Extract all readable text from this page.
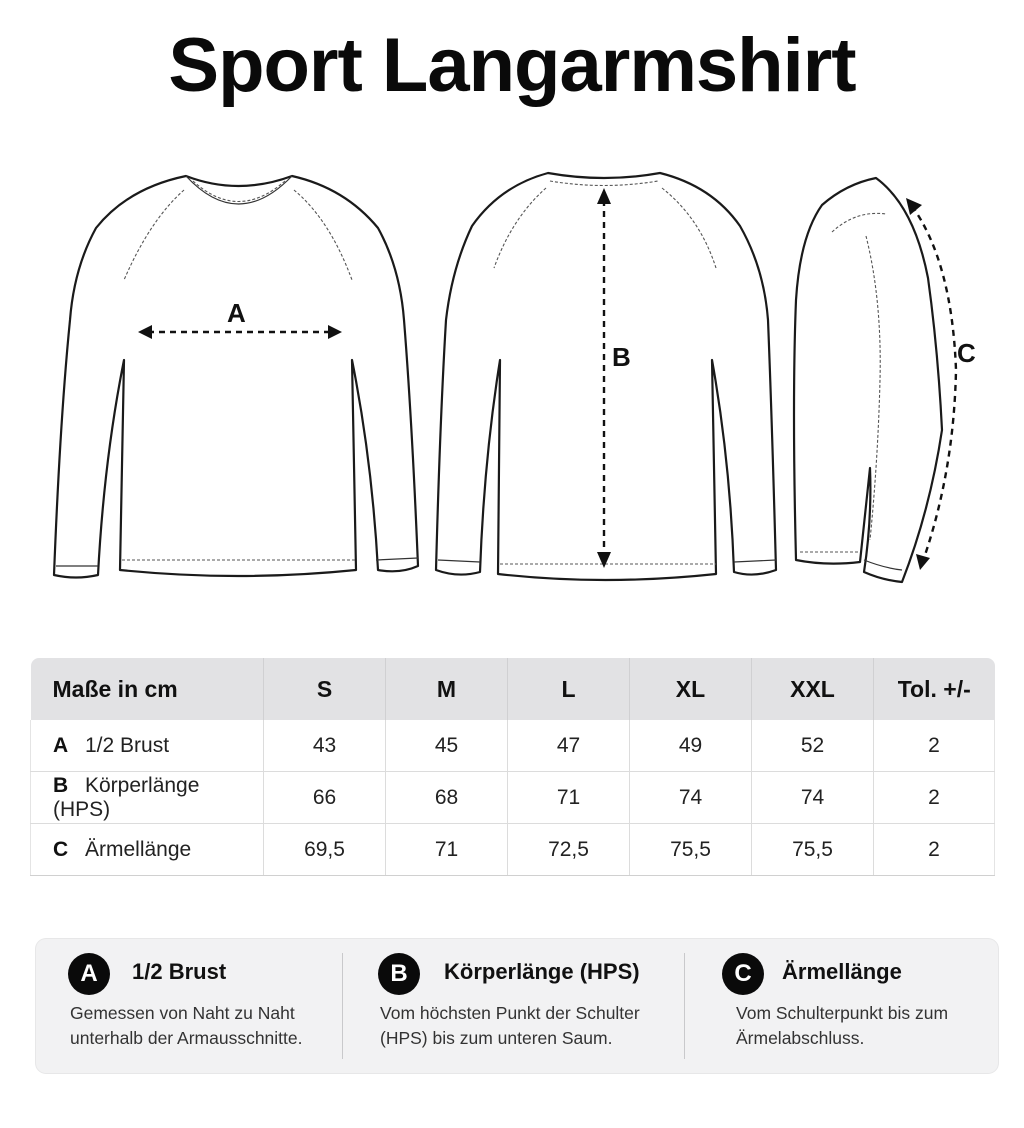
Sport Langarmshirt
A
B	C
Maße in cm	S	M	L	XL	XXL	Tol. +/-
A 1/2 Brust	43	45	47	49	52	2
B Körperlänge (HPS)	66	68	71	74	74	2
C Ärmellänge	69,5	71	72,5	75,5	75,5	2
A	1/2 Brust
Gemessen von Naht zu Naht
unterhalb der Armausschnitte.
B	Körperlänge (HPS)
Vom höchsten Punkt der Schulter
(HPS) bis zum unteren Saum.
C	Ärmellänge
Vom Schulterpunkt bis zum
Ärmelabschluss.
